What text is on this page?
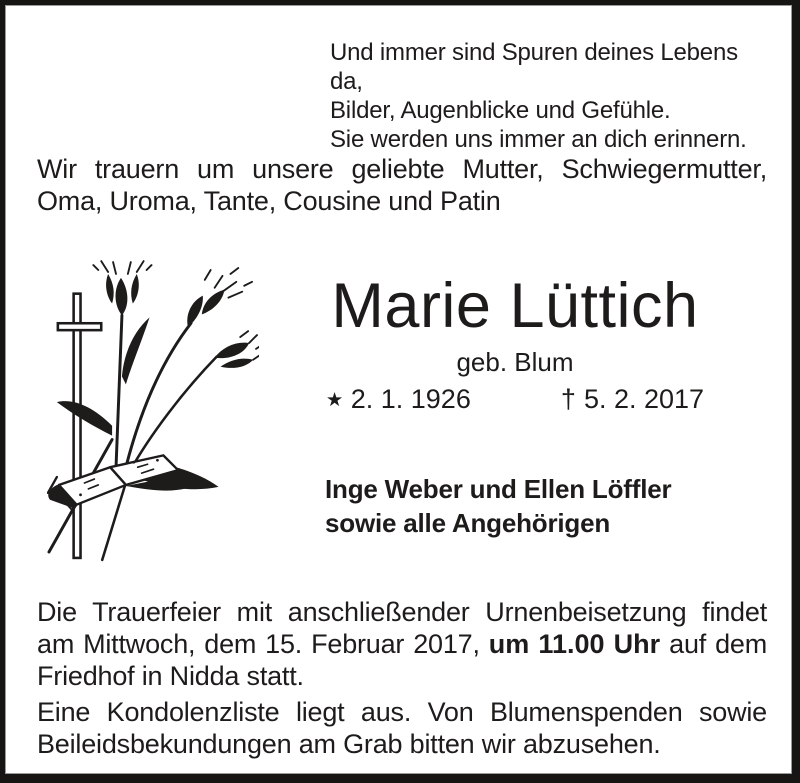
Und immer sind Spuren deines Lebens da,
Bilder, Augenblicke und Gefühle.
Sie werden uns immer an dich erinnern.
Wir trauern um unsere geliebte Mutter, Schwiegermutter,
Oma, Uroma, Tante, Cousine und Patin
Marie Lüttich
geb. Blum
★ 2. 1. 1926	† 5. 2. 2017
Inge Weber und Ellen Löffler
sowie alle Angehörigen
Die Trauerfeier mit anschließender Urnenbeisetzung findet
am Mittwoch, dem 15. Februar 2017, um 11.00 Uhr auf dem
Friedhof in Nidda statt.
Eine Kondolenzliste liegt aus. Von Blumenspenden sowie
Beileidsbekundungen am Grab bitten wir abzusehen.
